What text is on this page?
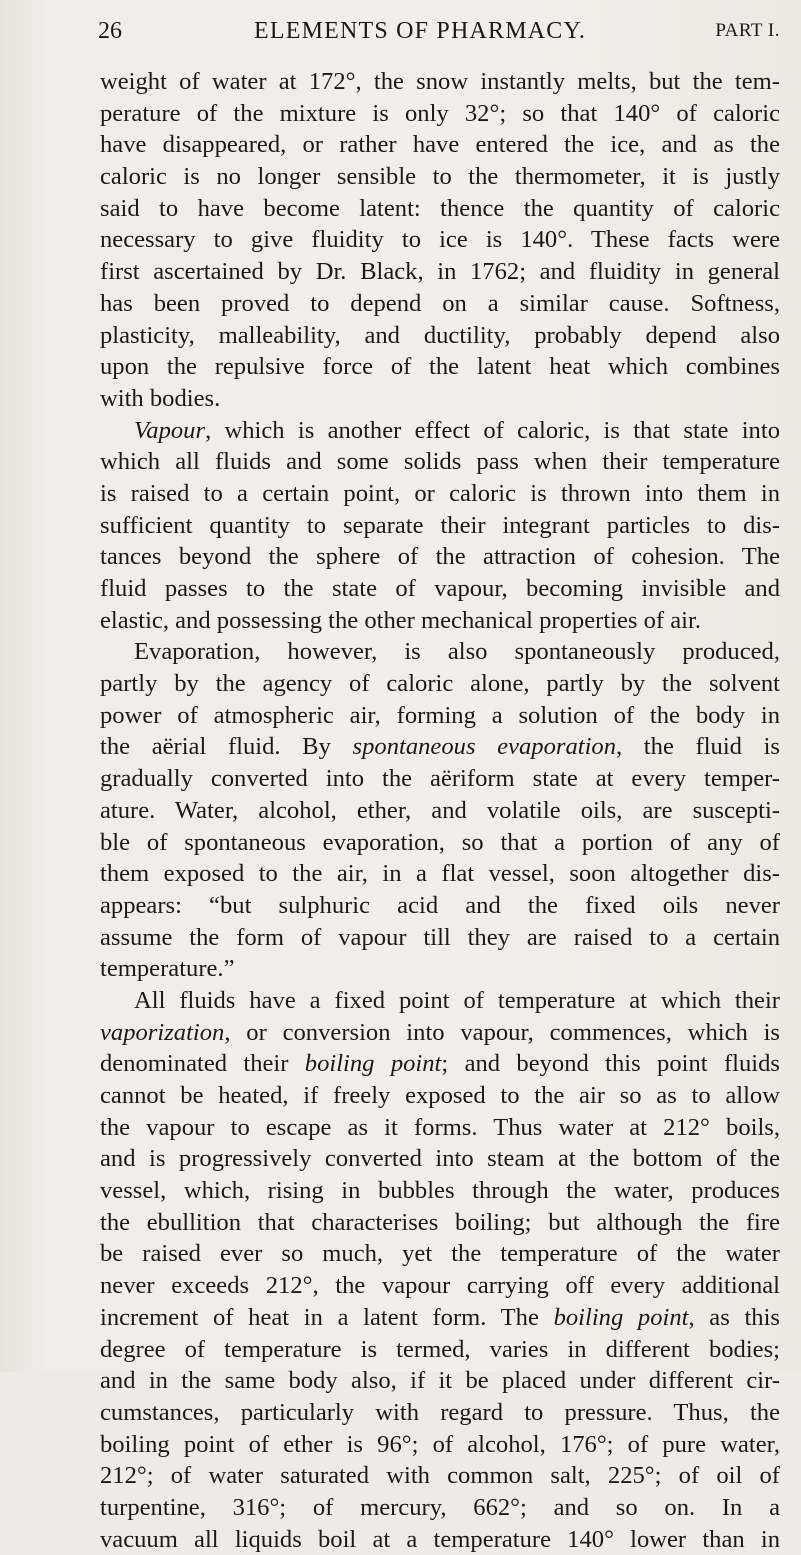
26	ELEMENTS OF PHARMACY.	PART I.
weight of water at 172°, the snow instantly melts, but the tem-
perature of the mixture is only 32°; so that 140° of caloric
have disappeared, or rather have entered the ice, and as the
caloric is no longer sensible to the thermometer, it is justly
said to have become latent: thence the quantity of caloric
necessary to give fluidity to ice is 140°. These facts were
first ascertained by Dr. Black, in 1762; and fluidity in general
has been proved to depend on a similar cause. Softness,
plasticity, malleability, and ductility, probably depend also
upon the repulsive force of the latent heat which combines
with bodies.
Vapour, which is another effect of caloric, is that state into
which all fluids and some solids pass when their temperature
is raised to a certain point, or caloric is thrown into them in
sufficient quantity to separate their integrant particles to dis-
tances beyond the sphere of the attraction of cohesion. The
fluid passes to the state of vapour, becoming invisible and
elastic, and possessing the other mechanical properties of air.
Evaporation, however, is also spontaneously produced,
partly by the agency of caloric alone, partly by the solvent
power of atmospheric air, forming a solution of the body in
the aërial fluid. By spontaneous evaporation, the fluid is
gradually converted into the aëriform state at every temper-
ature. Water, alcohol, ether, and volatile oils, are suscepti-
ble of spontaneous evaporation, so that a portion of any of
them exposed to the air, in a flat vessel, soon altogether dis-
appears: “but sulphuric acid and the fixed oils never
assume the form of vapour till they are raised to a certain
temperature.”
All fluids have a fixed point of temperature at which their
vaporization, or conversion into vapour, commences, which is
denominated their boiling point; and beyond this point fluids
cannot be heated, if freely exposed to the air so as to allow
the vapour to escape as it forms. Thus water at 212° boils,
and is progressively converted into steam at the bottom of the
vessel, which, rising in bubbles through the water, produces
the ebullition that characterises boiling; but although the fire
be raised ever so much, yet the temperature of the water
never exceeds 212°, the vapour carrying off every additional
increment of heat in a latent form. The boiling point, as this
degree of temperature is termed, varies in different bodies;
and in the same body also, if it be placed under different cir-
cumstances, particularly with regard to pressure. Thus, the
boiling point of ether is 96°; of alcohol, 176°; of pure water,
212°; of water saturated with common salt, 225°; of oil of
turpentine, 316°; of mercury, 662°; and so on. In a
vacuum all liquids boil at a temperature 140° lower than in
